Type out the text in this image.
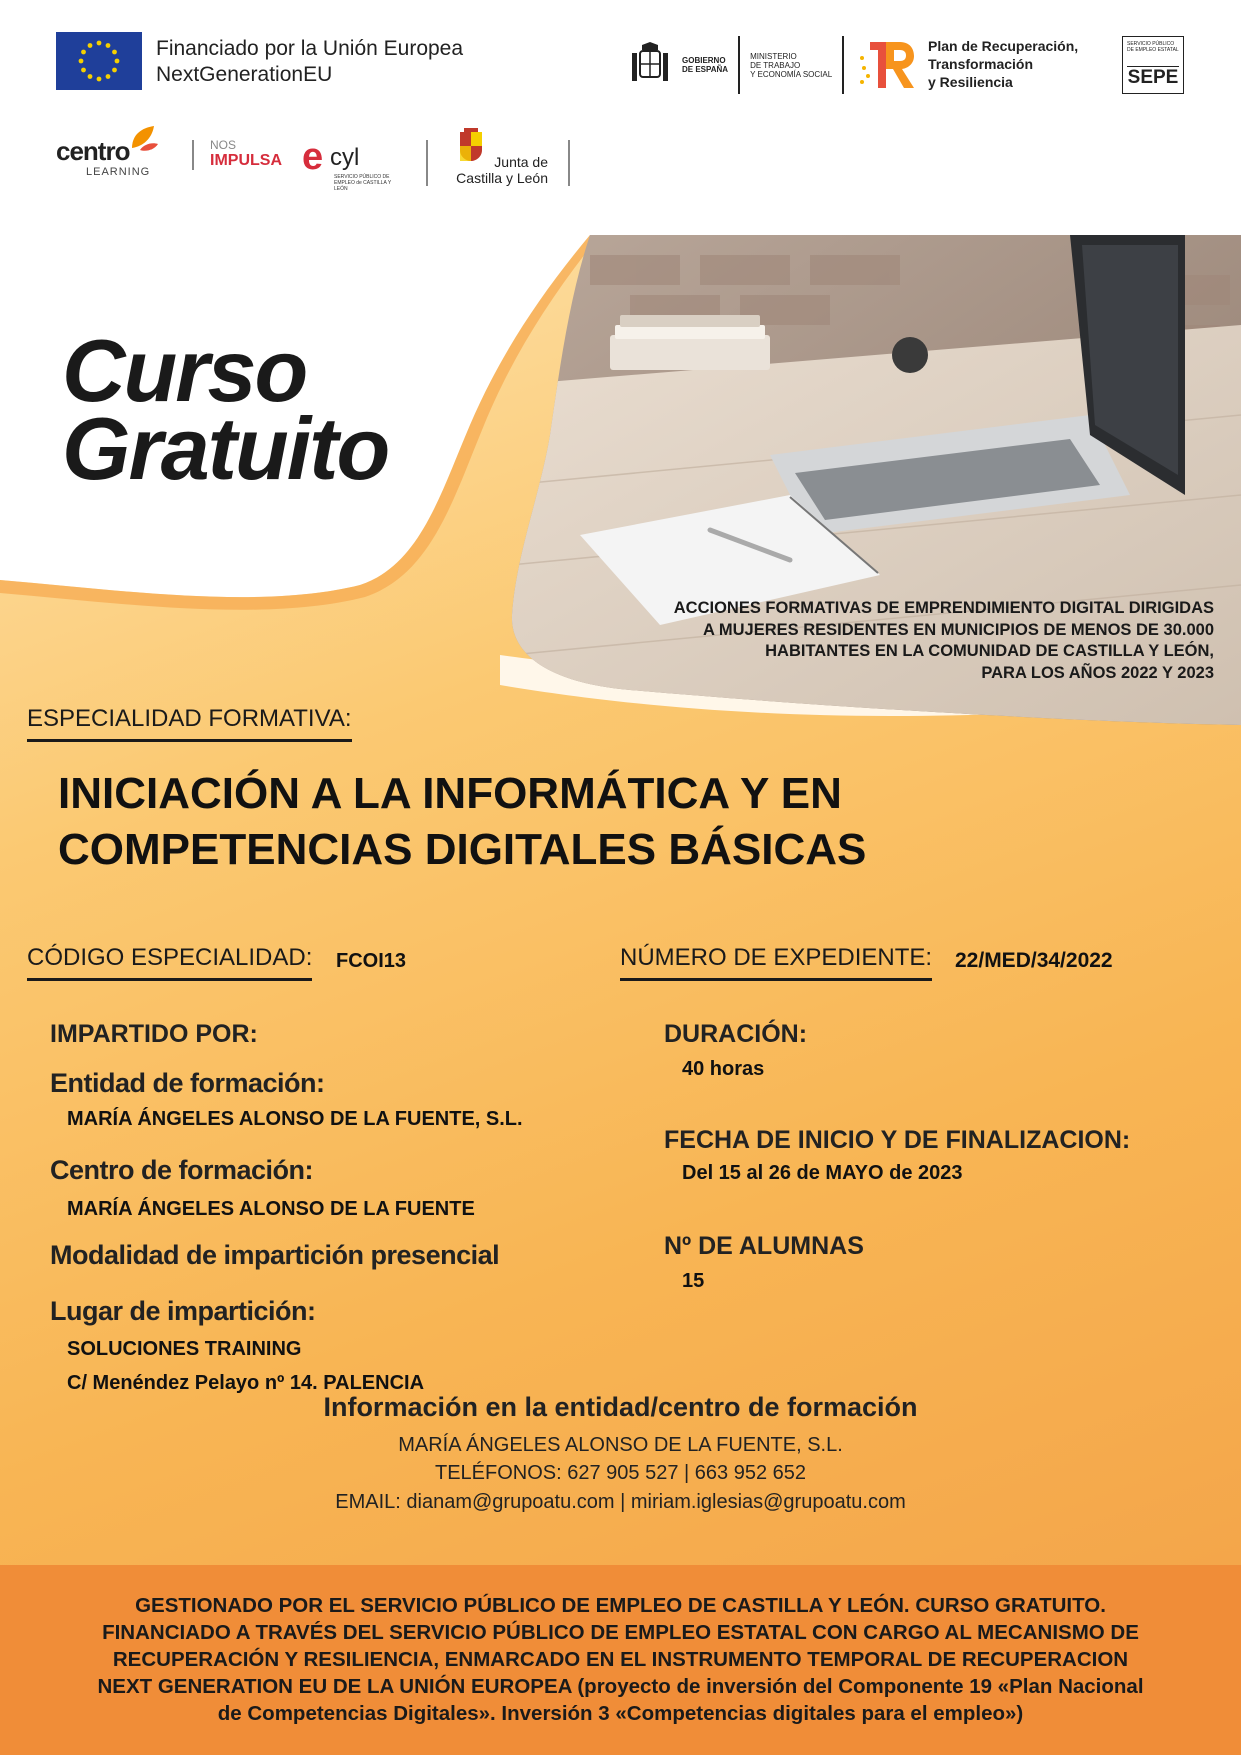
Financiado por la Unión Europea
NextGenerationEU
GOBIERNO
DE ESPAÑA
MINISTERIO
DE TRABAJO
Y ECONOMÍA SOCIAL
Plan de Recuperación,
Transformación
y Resiliencia
SERVICIO PÚBLICO DE EMPLEO ESTATAL
SEPE
centro
LEARNING
NOS
IMPULSA e cyl
SERVICIO PÚBLICO DE EMPLEO de CASTILLA Y LEÓN
Junta de
Castilla y León
Curso
Gratuito
ACCIONES FORMATIVAS DE EMPRENDIMIENTO DIGITAL DIRIGIDAS
A MUJERES RESIDENTES EN MUNICIPIOS DE MENOS DE 30.000
HABITANTES EN LA COMUNIDAD DE CASTILLA Y LEÓN,
PARA LOS AÑOS 2022 Y 2023
ESPECIALIDAD FORMATIVA:
INICIACIÓN A LA INFORMÁTICA Y EN
COMPETENCIAS DIGITALES BÁSICAS
CÓDIGO ESPECIALIDAD: FCOI13	NÚMERO DE EXPEDIENTE: 22/MED/34/2022
IMPARTIDO POR:
Entidad de formación:
MARÍA ÁNGELES ALONSO DE LA FUENTE, S.L.
Centro de formación:
MARÍA ÁNGELES ALONSO DE LA FUENTE
Modalidad de impartición presencial
Lugar de impartición:
SOLUCIONES TRAINING
C/ Menéndez Pelayo nº 14. PALENCIA
DURACIÓN:
40 horas
FECHA DE INICIO Y DE FINALIZACION:
Del 15 al 26 de MAYO de 2023
Nº DE ALUMNAS
15
Información en la entidad/centro de formación
MARÍA ÁNGELES ALONSO DE LA FUENTE, S.L.
TELÉFONOS: 627 905 527 | 663 952 652
EMAIL: dianam@grupoatu.com | miriam.iglesias@grupoatu.com
GESTIONADO POR EL SERVICIO PÚBLICO DE EMPLEO DE CASTILLA Y LEÓN. CURSO GRATUITO.
FINANCIADO A TRAVÉS DEL SERVICIO PÚBLICO DE EMPLEO ESTATAL CON CARGO AL MECANISMO DE
RECUPERACIÓN Y RESILIENCIA, ENMARCADO EN EL INSTRUMENTO TEMPORAL DE RECUPERACION
NEXT GENERATION EU DE LA UNIÓN EUROPEA (proyecto de inversión del Componente 19 «Plan Nacional
de Competencias Digitales». Inversión 3 «Competencias digitales para el empleo»)
